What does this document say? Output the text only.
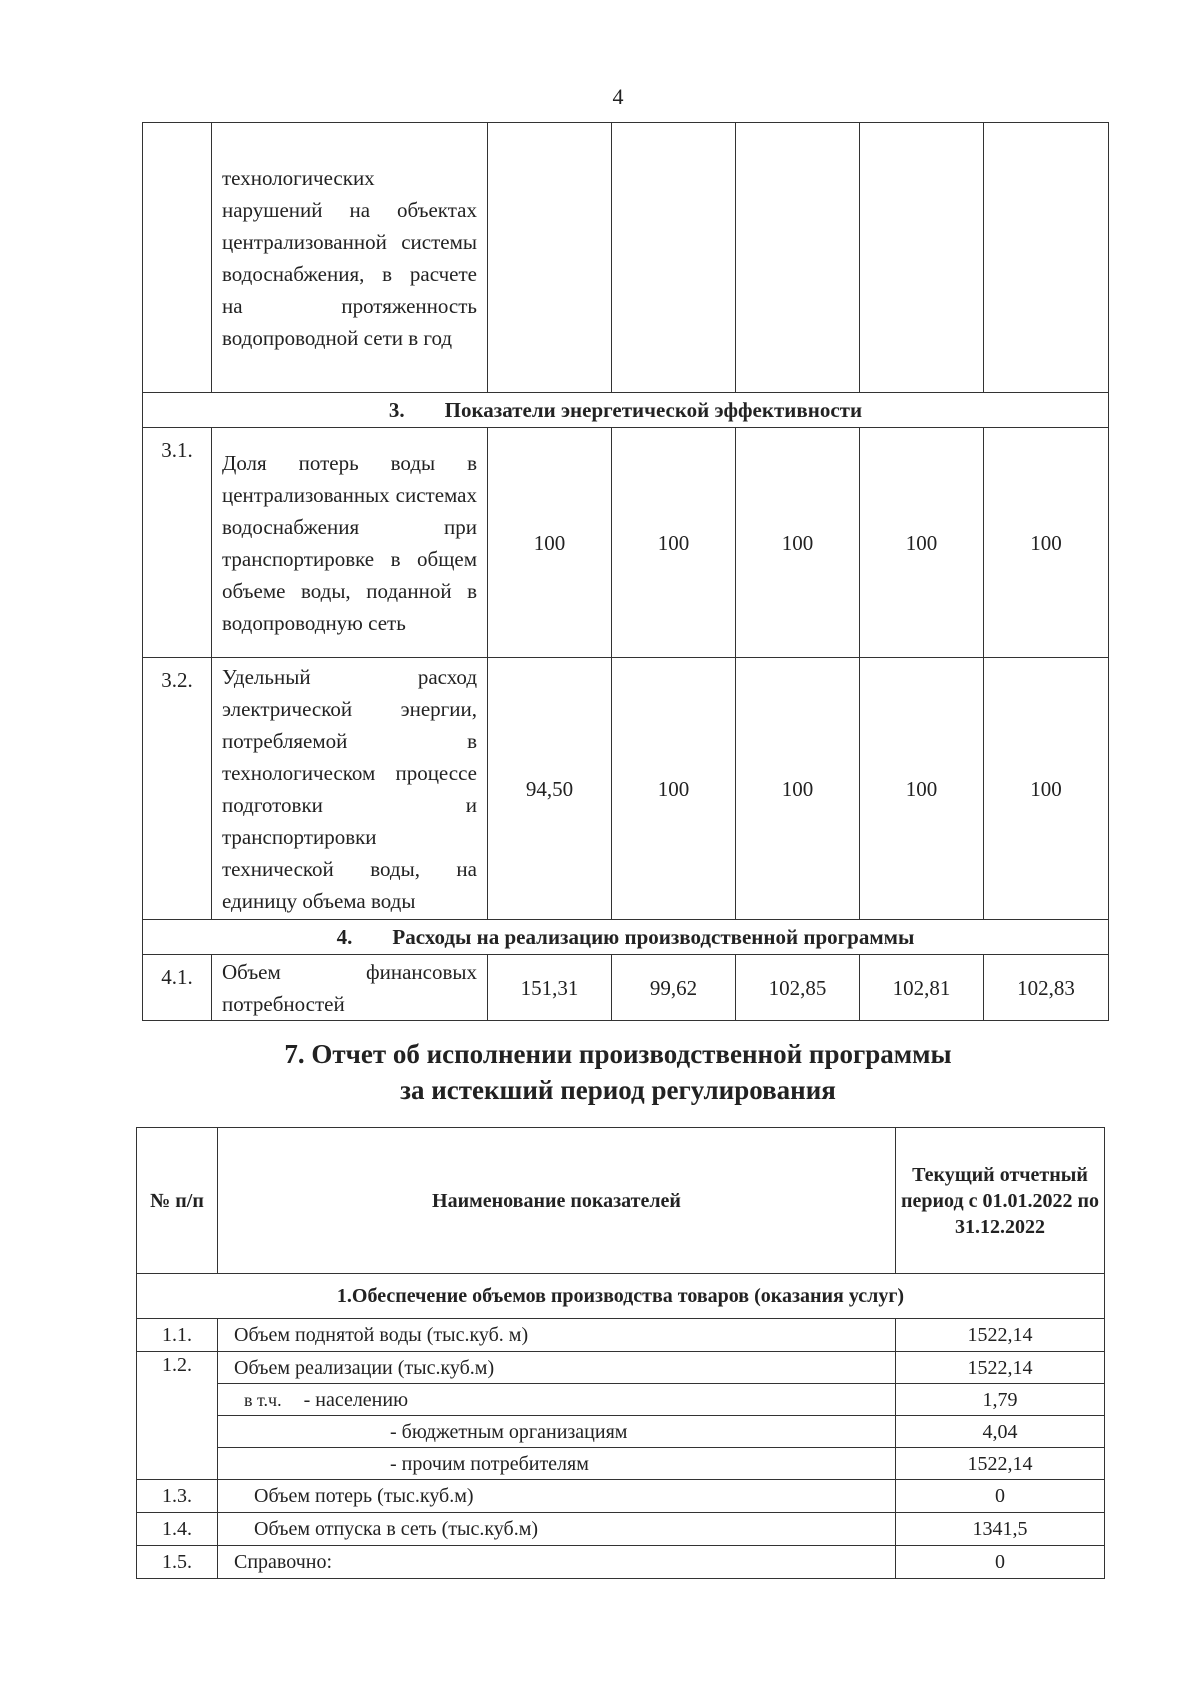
4
	технологических нарушений на объектах централизованной системы водоснабжения, в расчете на протяженность водопроводной сети в год					
3. Показатели энергетической эффективности						
3.1.	Доля потерь воды в централизованных системах водоснабжения при транспортировке в общем объеме воды, поданной в водопроводную сеть	100	100	100	100	100
3.2.	Удельный расход электрической энергии, потребляемой в технологическом процессе подготовки и транспортировки технической воды, на единицу объема воды	94,50	100	100	100	100
4. Расходы на реализацию производственной программы						
4.1.	Объем финансовых потребностей	151,31	99,62	102,85	102,81	102,83
7. Отчет об исполнении производственной программы
за истекший период регулирования
№ п/п	Наименование показателей	Текущий отчетный период с 01.01.2022 по 31.12.2022
1.Обеспечение объемов производства товаров (оказания услуг)		
1.1.	Объем поднятой воды (тыс.куб. м)	1522,14
1.2.	Объем реализации (тыс.куб.м)	1522,14
	в т.ч. - населению	1,79
	- бюджетным организациям	4,04
	- прочим потребителям	1522,14
1.3.	Объем потерь (тыс.куб.м)	0
1.4.	Объем отпуска в сеть (тыс.куб.м)	1341,5
1.5.	Справочно:	0
